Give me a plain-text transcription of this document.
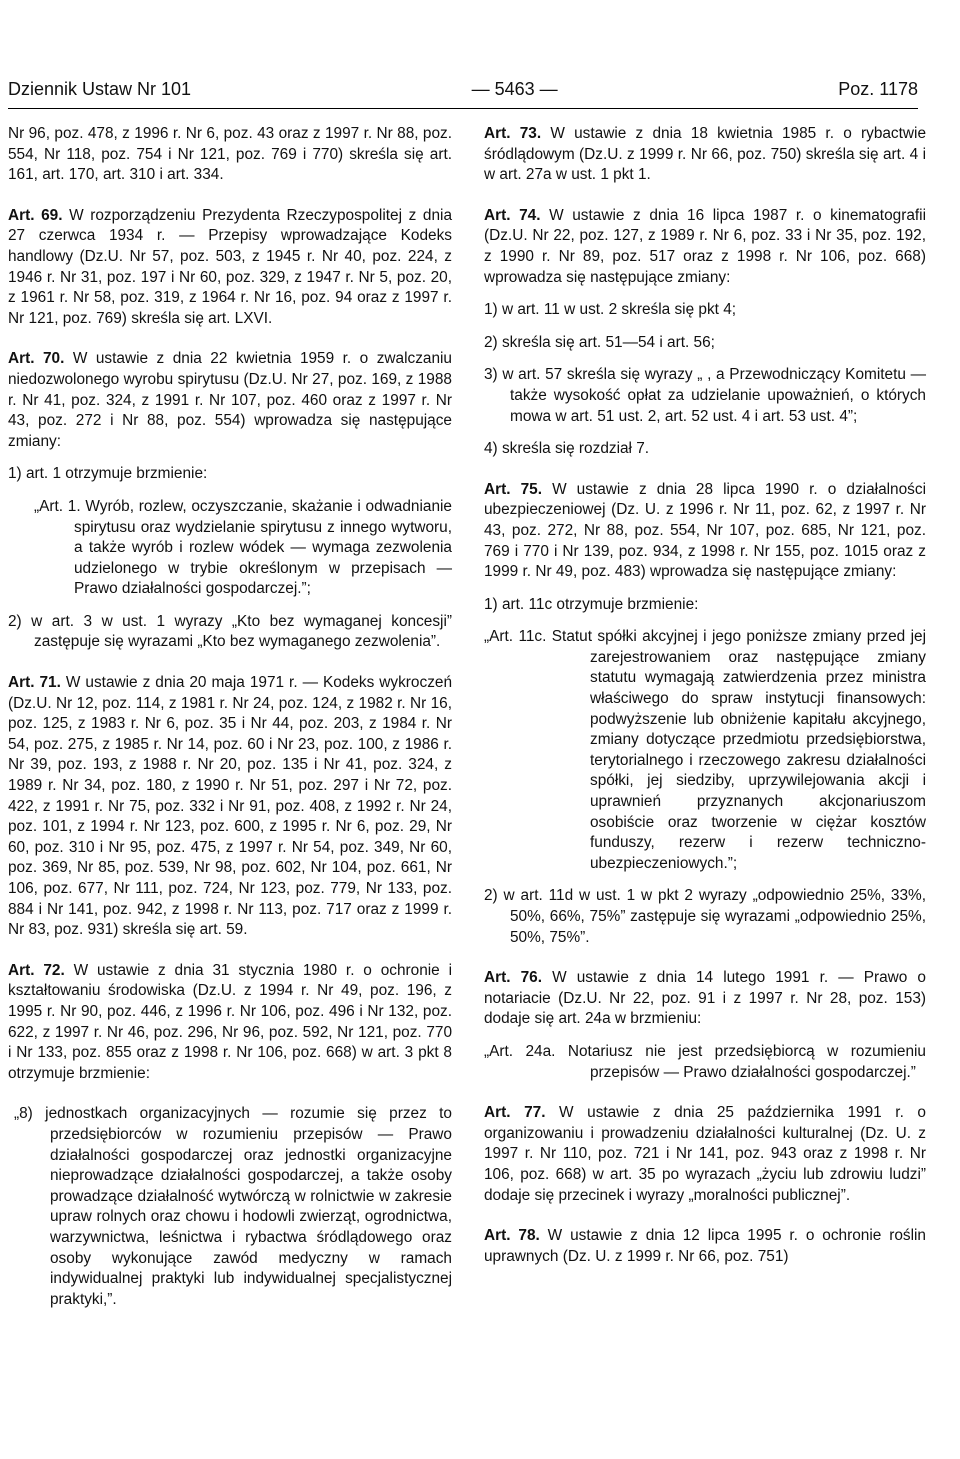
Dziennik Ustaw Nr 101	— 5463 —	Poz. 1178

Nr 96, poz. 478, z 1996 r. Nr 6, poz. 43 oraz z 1997 r. Nr 88, poz. 554, Nr 118, poz. 754 i Nr 121, poz. 769 i 770) skreśla się art. 161, art. 170, art. 310 i art. 334.

Art. 69. W rozporządzeniu Prezydenta Rzeczypospolitej z dnia 27 czerwca 1934 r. — Przepisy wprowadzające Kodeks handlowy (Dz.U. Nr 57, poz. 503, z 1945 r. Nr 40, poz. 224, z 1946 r. Nr 31, poz. 197 i Nr 60, poz. 329, z 1947 r. Nr 5, poz. 20, z 1961 r. Nr 58, poz. 319, z 1964 r. Nr 16, poz. 94 oraz z 1997 r. Nr 121, poz. 769) skreśla się art. LXVI.

Art. 70. W ustawie z dnia 22 kwietnia 1959 r. o zwalczaniu niedozwolonego wyrobu spirytusu (Dz.U. Nr 27, poz. 169, z 1988 r. Nr 41, poz. 324, z 1991 r. Nr 107, poz. 460 oraz z 1997 r. Nr 43, poz. 272 i Nr 88, poz. 554) wprowadza się następujące zmiany:

1) art. 1 otrzymuje brzmienie:

„Art. 1. Wyrób, rozlew, oczyszczanie, skażanie i odwadnianie spirytusu oraz wydzielanie spirytusu z innego wytworu, a także wyrób i rozlew wódek — wymaga zezwolenia udzielonego w trybie określonym w przepisach — Prawo działalności gospodarczej.”;

2) w art. 3 w ust. 1 wyrazy „Kto bez wymaganej koncesji” zastępuje się wyrazami „Kto bez wymaganego zezwolenia”.

Art. 71. W ustawie z dnia 20 maja 1971 r. — Kodeks wykroczeń (Dz.U. Nr 12, poz. 114, z 1981 r. Nr 24, poz. 124, z 1982 r. Nr 16, poz. 125, z 1983 r. Nr 6, poz. 35 i Nr 44, poz. 203, z 1984 r. Nr 54, poz. 275, z 1985 r. Nr 14, poz. 60 i Nr 23, poz. 100, z 1986 r. Nr 39, poz. 193, z 1988 r. Nr 20, poz. 135 i Nr 41, poz. 324, z 1989 r. Nr 34, poz. 180, z 1990 r. Nr 51, poz. 297 i Nr 72, poz. 422, z 1991 r. Nr 75, poz. 332 i Nr 91, poz. 408, z 1992 r. Nr 24, poz. 101, z 1994 r. Nr 123, poz. 600, z 1995 r. Nr 6, poz. 29, Nr 60, poz. 310 i Nr 95, poz. 475, z 1997 r. Nr 54, poz. 349, Nr 60, poz. 369, Nr 85, poz. 539, Nr 98, poz. 602, Nr 104, poz. 661, Nr 106, poz. 677, Nr 111, poz. 724, Nr 123, poz. 779, Nr 133, poz. 884 i Nr 141, poz. 942, z 1998 r. Nr 113, poz. 717 oraz z 1999 r. Nr 83, poz. 931) skreśla się art. 59.

Art. 72. W ustawie z dnia 31 stycznia 1980 r. o ochronie i kształtowaniu środowiska (Dz.U. z 1994 r. Nr 49, poz. 196, z 1995 r. Nr 90, poz. 446, z 1996 r. Nr 106, poz. 496 i Nr 132, poz. 622, z 1997 r. Nr 46, poz. 296, Nr 96, poz. 592, Nr 121, poz. 770 i Nr 133, poz. 855 oraz z 1998 r. Nr 106, poz. 668) w art. 3 pkt 8 otrzymuje brzmienie:

„8) jednostkach organizacyjnych — rozumie się przez to przedsiębiorców w rozumieniu przepisów — Prawo działalności gospodarczej oraz jednostki organizacyjne nieprowadzące działalności gospodarczej, a także osoby prowadzące działalność wytwórczą w rolnictwie w zakresie upraw rolnych oraz chowu i hodowli zwierząt, ogrodnictwa, warzywnictwa, leśnictwa i rybactwa śródlądowego oraz osoby wykonujące zawód medyczny w ramach indywidualnej praktyki lub indywidualnej specjalistycznej praktyki,”.

Art. 73. W ustawie z dnia 18 kwietnia 1985 r. o rybactwie śródlądowym (Dz.U. z 1999 r. Nr 66, poz. 750) skreśla się art. 4 i w art. 27a w ust. 1 pkt 1.

Art. 74. W ustawie z dnia 16 lipca 1987 r. o kinematografii (Dz.U. Nr 22, poz. 127, z 1989 r. Nr 6, poz. 33 i Nr 35, poz. 192, z 1990 r. Nr 89, poz. 517 oraz z 1998 r. Nr 106, poz. 668) wprowadza się następujące zmiany:

1) w art. 11 w ust. 2 skreśla się pkt 4;

2) skreśla się art. 51—54 i art. 56;

3) w art. 57 skreśla się wyrazy „ , a Przewodniczący Komitetu — także wysokość opłat za udzielanie upoważnień, o których mowa w art. 51 ust. 2, art. 52 ust. 4 i art. 53 ust. 4”;

4) skreśla się rozdział 7.

Art. 75. W ustawie z dnia 28 lipca 1990 r. o działalności ubezpieczeniowej (Dz. U. z 1996 r. Nr 11, poz. 62, z 1997 r. Nr 43, poz. 272, Nr 88, poz. 554, Nr 107, poz. 685, Nr 121, poz. 769 i 770 i Nr 139, poz. 934, z 1998 r. Nr 155, poz. 1015 oraz z 1999 r. Nr 49, poz. 483) wprowadza się następujące zmiany:

1) art. 11c otrzymuje brzmienie:

„Art. 11c. Statut spółki akcyjnej i jego poniższe zmiany przed jej zarejestrowaniem oraz następujące zmiany statutu wymagają zatwierdzenia przez ministra właściwego do spraw instytucji finansowych: podwyższenie lub obniżenie kapitału akcyjnego, zmiany dotyczące przedmiotu przedsiębiorstwa, terytorialnego i rzeczowego zakresu działalności spółki, jej siedziby, uprzywilejowania akcji i uprawnień przyznanych akcjonariuszom osobiście oraz tworzenie w ciężar kosztów funduszy, rezerw i rezerw techniczno-ubezpieczeniowych.”;

2) w art. 11d w ust. 1 w pkt 2 wyrazy „odpowiednio 25%, 33%, 50%, 66%, 75%” zastępuje się wyrazami „odpowiednio 25%, 50%, 75%”.

Art. 76. W ustawie z dnia 14 lutego 1991 r. — Prawo o notariacie (Dz.U. Nr 22, poz. 91 i z 1997 r. Nr 28, poz. 153) dodaje się art. 24a w brzmieniu:

„Art. 24a. Notariusz nie jest przedsiębiorcą w rozumieniu przepisów — Prawo działalności gospodarczej.”

Art. 77. W ustawie z dnia 25 października 1991 r. o organizowaniu i prowadzeniu działalności kulturalnej (Dz. U. z 1997 r. Nr 110, poz. 721 i Nr 141, poz. 943 oraz z 1998 r. Nr 106, poz. 668) w art. 35 po wyrazach „życiu lub zdrowiu ludzi” dodaje się przecinek i wyrazy „moralności publicznej”.

Art. 78. W ustawie z dnia 12 lipca 1995 r. o ochronie roślin uprawnych (Dz. U. z 1999 r. Nr 66, poz. 751)
